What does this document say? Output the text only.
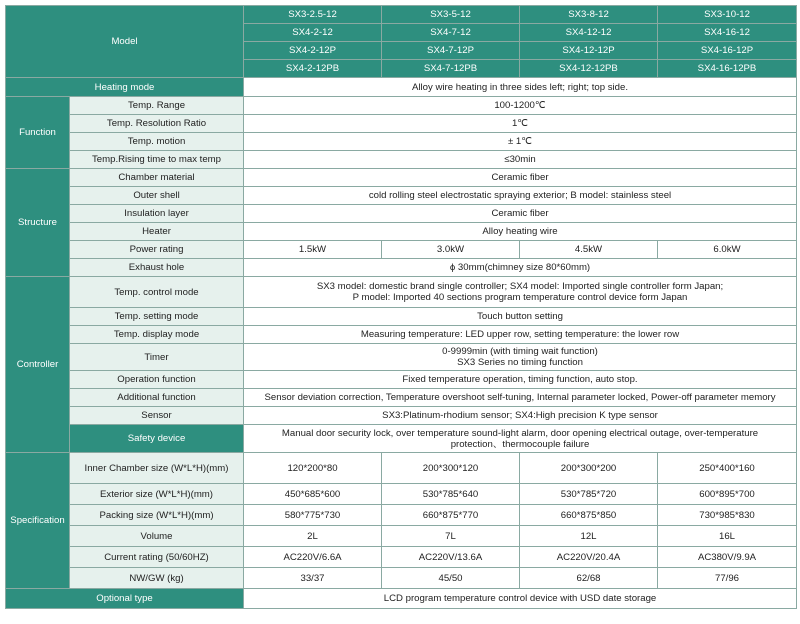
Model		SX3-2.5-12	SX3-5-12	SX3-8-12	SX3-10-12
		SX4-2-12	SX4-7-12	SX4-12-12	SX4-16-12
		SX4-2-12P	SX4-7-12P	SX4-12-12P	SX4-16-12P
		SX4-2-12PB	SX4-7-12PB	SX4-12-12PB	SX4-16-12PB
Heating mode		Alloy wire heating in three sides left; right; top side.			
Function	Temp. Range	100-1200℃			
	Temp. Resolution Ratio	1℃			
	Temp. motion	± 1℃			
	Temp.Rising time to max temp	≤30min			
Structure	Chamber material	Ceramic fiber			
	Outer shell	cold rolling steel electrostatic spraying exterior; B model: stainless steel			
	Insulation layer	Ceramic fiber			
	Heater	Alloy heating wire			
	Power rating	1.5kW	3.0kW	4.5kW	6.0kW
	Exhaust hole	ϕ 30mm(chimney size 80*60mm)			
Controller	Temp. control mode	SX3 model: domestic brand single controller; SX4 model: Imported single controller form Japan;
P model: Imported 40 sections program temperature control device form Japan			

	Temp. setting mode	Touch button setting			
	Temp. display mode	Measuring temperature: LED upper row, setting temperature: the lower row			
	Timer	0-9999min (with timing wait function)
SX3 Series no timing function			

	Operation function	Fixed temperature operation, timing function, auto stop.			
	Additional function	Sensor deviation correction, Temperature overshoot self-tuning, Internal parameter locked, Power-off parameter memory			
	Sensor	SX3:Platinum-rhodium sensor; SX4:High precision K type sensor			
	Safety device	Manual door security lock, over temperature sound-light alarm, door opening electrical outage, over-temperature
protection、thermocouple failure			

Specification	Inner Chamber size (W*L*H)(mm)	120*200*80	200*300*120	200*300*200	250*400*160
	Exterior size (W*L*H)(mm)	450*685*600	530*785*640	530*785*720	600*895*700
	Packing size (W*L*H)(mm)	580*775*730	660*875*770	660*875*850	730*985*830
	Volume	2L	7L	12L	16L
	Current rating (50/60HZ)	AC220V/6.6A	AC220V/13.6A	AC220V/20.4A	AC380V/9.9A
	NW/GW (kg)	33/37	45/50	62/68	77/96
Optional type		LCD program temperature control device with USD date storage			
